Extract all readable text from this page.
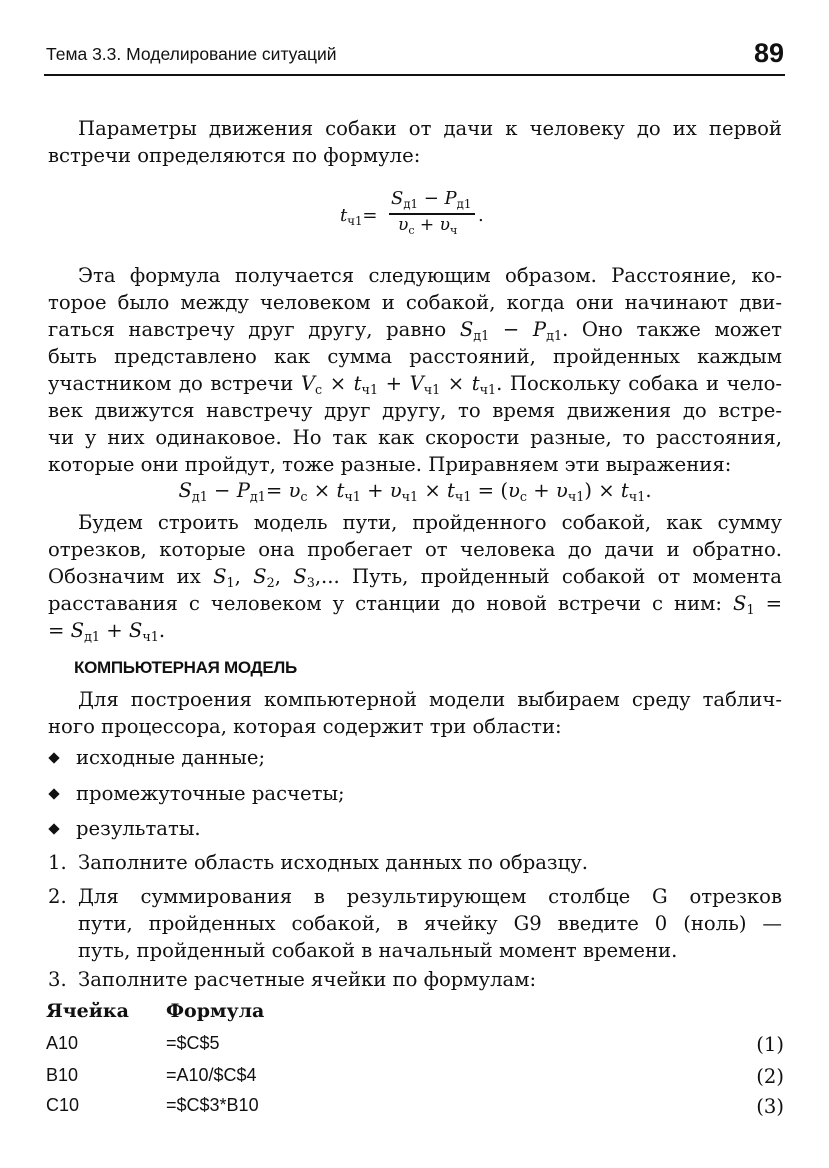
Тема 3.3. Моделирование ситуаций	89
Параметры движения собаки от дачи к человеку до их первой
встречи определяются по формуле:
$t_{ч1}=$
$S_{д1} - P_{д1}$
$\upsilon_с + \upsilon_ч$
.
Эта формула получается следующим образом. Расстояние, ко-
торое было между человеком и собакой, когда они начинают дви-
гаться навстречу друг другу, равно $S_{д1} - P_{д1}$. Оно также может
быть представлено как сумма расстояний, пройденных каждым
участником до встречи $V_с \times t_{ч1} + V_{ч1} \times t_{ч1}$. Поскольку собака и чело-
век движутся навстречу друг другу, то время движения до встре-
чи у них одинаковое. Но так как скорости разные, то расстояния,
которые они пройдут, тоже разные. Приравняем эти выражения:
$S_{д1} - P_{д1}= \upsilon_с \times t_{ч1} + \upsilon_{ч1} \times t_{ч1} = (\upsilon_с + \upsilon_{ч1}) \times t_{ч1}$.
Будем строить модель пути, пройденного собакой, как сумму
отрезков, которые она пробегает от человека до дачи и обратно.
Обозначим их $S_1$, $S_2$, $S_3$,... Путь, пройденный собакой от момента
расставания с человеком у станции до новой встречи с ним: $S_1$ =
= $S_{д1} + S_{ч1}$.
КОМПЬЮТЕРНАЯ МОДЕЛЬ
Для построения компьютерной модели выбираем среду таблич-
ного процессора, которая содержит три области:
исходные данные;
промежуточные расчеты;
результаты.
1. Заполните область исходных данных по образцу.
2. Для суммирования в результирующем столбце G отрезков
пути, пройденных собакой, в ячейку G9 введите 0 (ноль) —
путь, пройденный собакой в начальный момент времени.
3. Заполните расчетные ячейки по формулам:
Ячейка Формула
A10	=$C$5	(1)
B10	=A10/$C$4	(2)
C10	=$C$3*B10	(3)
